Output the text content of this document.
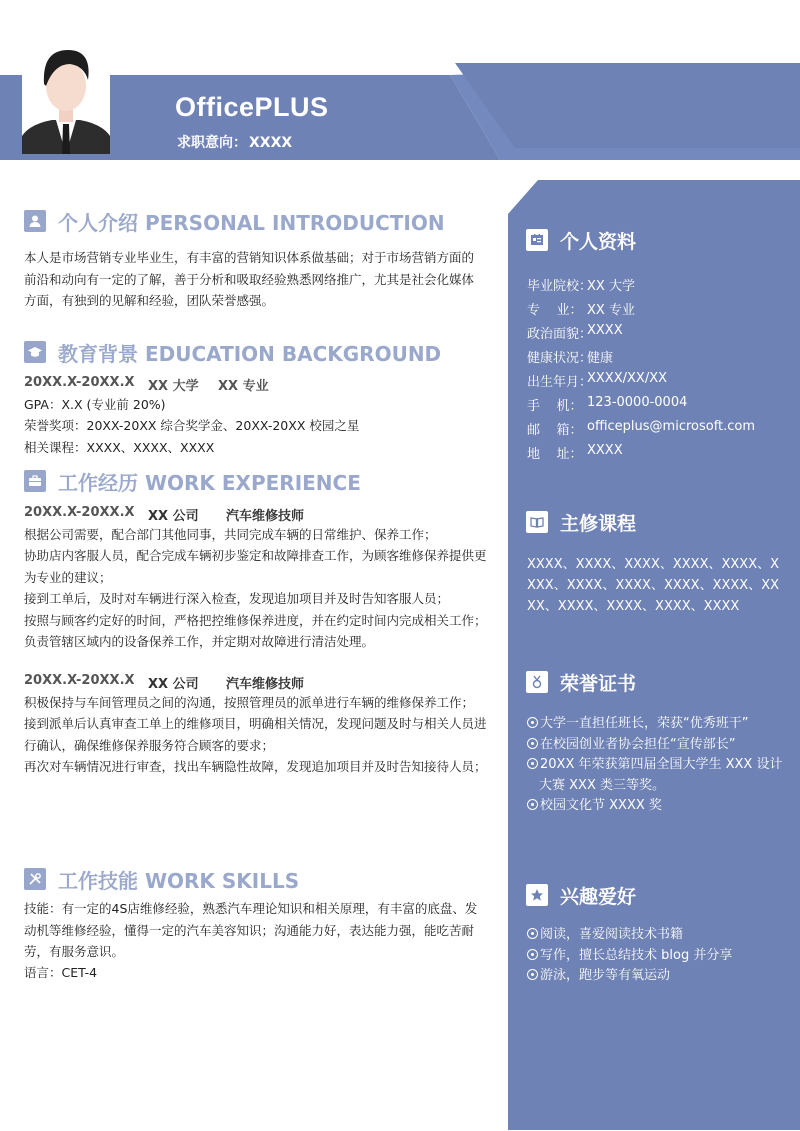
OfficePLUS
求职意向： XXXX
个人资料
毕业院校：
XX 大学
专    业： XX 专业
政治面貌：
XXXX
健康状况：
健康
出生年月：
XXXX/XX/XX
手    机： 123-0000-0004
邮    箱： officeplus@microsoft.com
地    址： XXXX
主修课程
XXXX、XXXX、XXXX、XXXX、XXXX、XXXX、XXXX、XXXX、XXXX、XXXX、XXXX、XXXX、XXXX、XXXX、XXXX
荣誉证书
大学一直担任班长，荣获“优秀班干”
在校园创业者协会担任“宣传部长”
20XX 年荣获第四届全国大学生 XXX 设计大赛 XXX 类三等奖。
校园文化节 XXXX 奖
兴趣爱好
阅读，喜爱阅读技术书籍
写作，擅长总结技术 blog 并分享
游泳，跑步等有氧运动
个人介绍 PERSONAL INTRODUCTION
本人是市场营销专业毕业生，有丰富的营销知识体系做基础；对于市场营销方面的前沿和动向有一定的了解，善于分析和吸取经验熟悉网络推广，尤其是社会化媒体方面，有独到的见解和经验，团队荣誉感强。
教育背景 EDUCATION BACKGROUND
20XX.X-20XX.X	XX 大学	XX 专业
GPA：X.X (专业前 20%)
荣誉奖项：20XX-20XX 综合奖学金、20XX-20XX 校园之星
相关课程：XXXX、XXXX、XXXX
工作经历 WORK EXPERIENCE
20XX.X-20XX.X	XX 公司	汽车维修技师
根据公司需要，配合部门其他同事，共同完成车辆的日常维护、保养工作；
协助店内客服人员，配合完成车辆初步鉴定和故障排查工作，为顾客维修保养提供更为专业的建议；
接到工单后，及时对车辆进行深入检查，发现追加项目并及时告知客服人员；
按照与顾客约定好的时间，严格把控维修保养进度，并在约定时间内完成相关工作；
负责管辖区域内的设备保养工作，并定期对故障进行清洁处理。
20XX.X-20XX.X	XX 公司	汽车维修技师
积极保持与车间管理员之间的沟通，按照管理员的派单进行车辆的维修保养工作；
接到派单后认真审查工单上的维修项目，明确相关情况，发现问题及时与相关人员进行确认，确保维修保养服务符合顾客的要求；
再次对车辆情况进行审查，找出车辆隐性故障，发现追加项目并及时告知接待人员；
工作技能 WORK SKILLS
技能：有一定的4S店维修经验，熟悉汽车理论知识和相关原理，有丰富的底盘、发动机等维修经验，懂得一定的汽车美容知识；沟通能力好，表达能力强，能吃苦耐劳，有服务意识。
语言：CET-4
